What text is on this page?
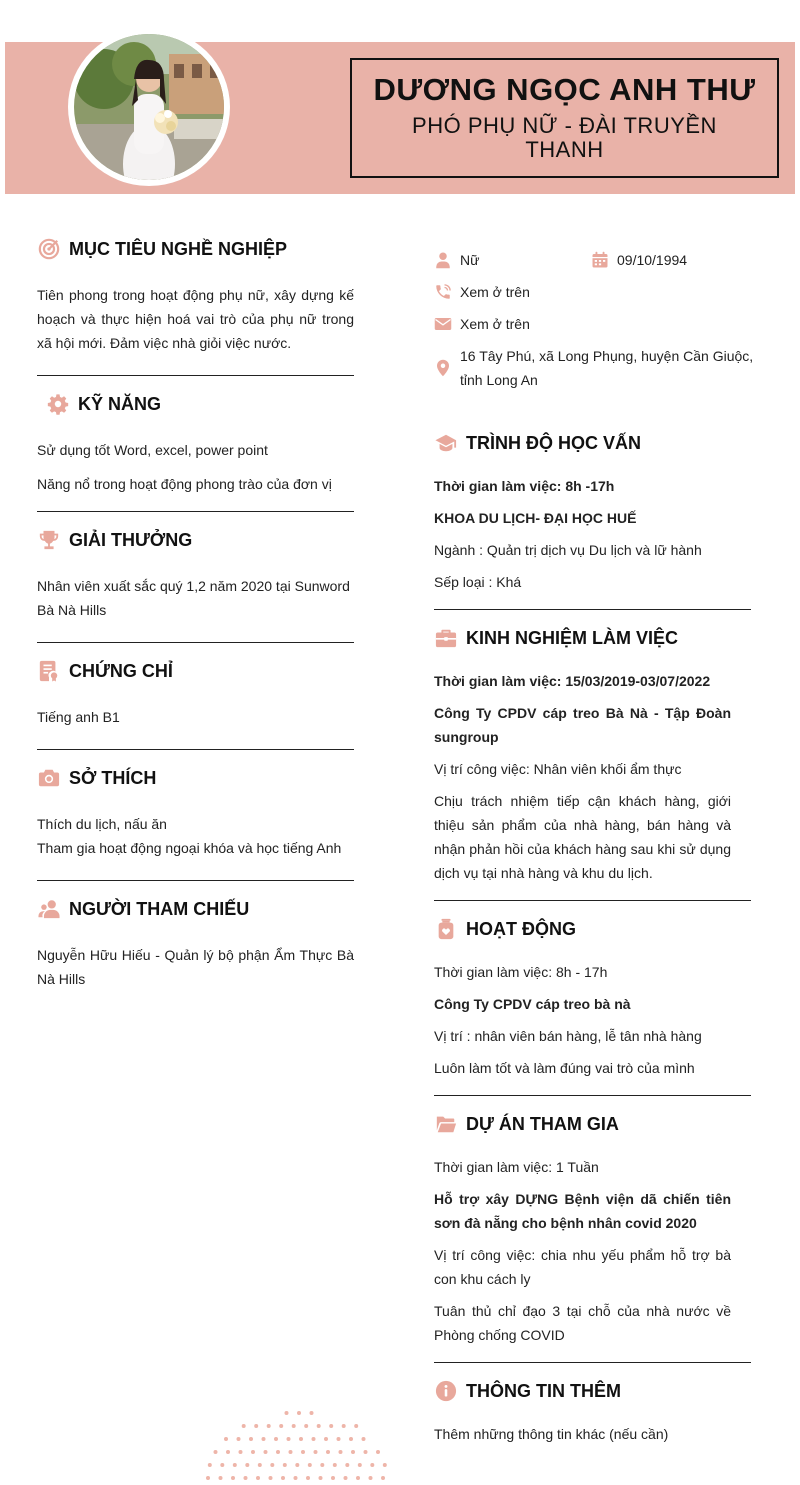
DƯƠNG NGỌC ANH THƯ
PHÓ PHỤ NỮ - ĐÀI TRUYỀN THANH
MỤC TIÊU NGHỀ NGHIỆP
Tiên phong trong hoạt động phụ nữ, xây dựng kế hoạch và thực hiện hoá vai trò của phụ nữ trong xã hội mới. Đảm việc nhà giỏi việc nước.
KỸ NĂNG
Sử dụng tốt Word, excel, power point
Năng nổ trong hoạt động phong trào của đơn vị
GIẢI THƯỞNG
Nhân viên xuất sắc quý 1,2 năm 2020 tại Sunword
Bà Nà Hills
CHỨNG CHỈ
Tiếng anh B1
SỞ THÍCH
Thích du lịch, nấu ăn
Tham gia hoạt động ngoại khóa và học tiếng Anh
NGƯỜI THAM CHIẾU
Nguyễn Hữu Hiếu - Quản lý bộ phận Ẩm Thực Bà Nà Hills
Nữ	09/10/1994
Xem ở trên
Xem ở trên
16 Tây Phú, xã Long Phụng, huyện Cần Giuộc,
tỉnh Long An
TRÌNH ĐỘ HỌC VẤN
Thời gian làm việc: 8h -17h
KHOA DU LỊCH- ĐẠI HỌC HUẾ
Ngành : Quản trị dịch vụ Du lịch và lữ hành
Sếp loại : Khá
KINH NGHIỆM LÀM VIỆC
Thời gian làm việc: 15/03/2019-03/07/2022
Công Ty CPDV cáp treo Bà Nà - Tập Đoàn sungroup
Vị trí công việc: Nhân viên khối ẩm thực
Chịu trách nhiệm tiếp cận khách hàng, giới thiệu sản phẩm của nhà hàng, bán hàng và nhận phản hồi của khách hàng sau khi sử dụng dịch vụ tại nhà hàng và khu du lịch.
HOẠT ĐỘNG
Thời gian làm việc: 8h - 17h
Công Ty CPDV cáp treo bà nà
Vị trí : nhân viên bán hàng, lễ tân nhà hàng
Luôn làm tốt và làm đúng vai trò của mình
DỰ ÁN THAM GIA
Thời gian làm việc: 1 Tuần
Hỗ trợ xây DỰNG Bệnh viện dã chiến tiên sơn đà nẵng cho bệnh nhân covid 2020
Vị trí công việc: chia nhu yếu phẩm hỗ trợ bà con khu cách ly
Tuân thủ chỉ đạo 3 tại chỗ của nhà nước về Phòng chống COVID
THÔNG TIN THÊM
Thêm những thông tin khác (nếu cần)
